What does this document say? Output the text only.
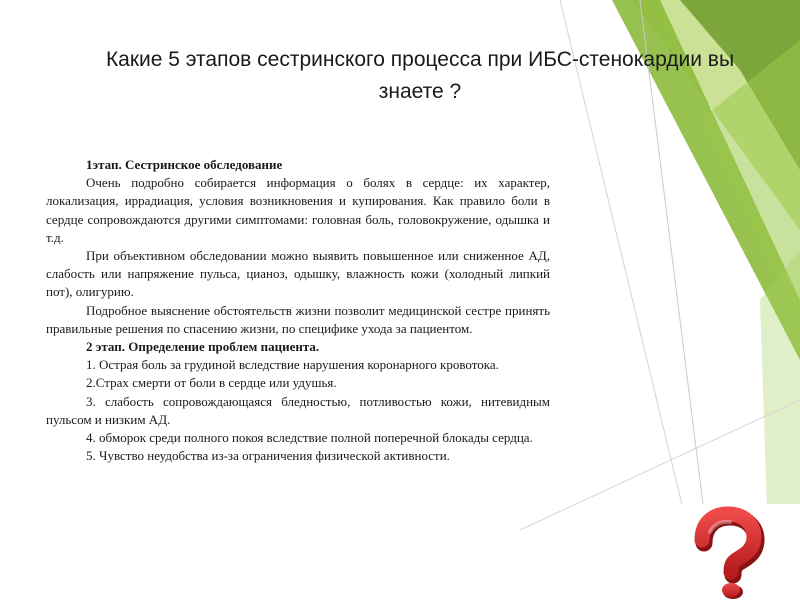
Какие 5 этапов сестринского процесса при ИБС-стенокардии вы
знаете ?

1этап. Сестринское обследование

Очень подробно собирается информация о болях в сердце: их характер, локализация, иррадиация, условия возникновения и купирования. Как правило боли в сердце сопровождаются другими симптомами: головная боль, головокружение, одышка и т.д.

При объективном обследовании можно выявить повышенное или сниженное АД, слабость или напряжение пульса, цианоз, одышку, влажность кожи (холодный липкий пот), олигурию.

Подробное выяснение обстоятельств жизни позволит медицинской сестре принять правильные решения по спасению жизни, по специфике ухода за пациентом.

2 этап. Определение проблем пациента.

1. Острая боль за грудиной вследствие нарушения коронарного кровотока.

2.Страх смерти от боли в сердце или удушья.

3. слабость сопровождающаяся бледностью, потливостью кожи, нитевидным пульсом и низким АД.

4. обморок среди полного покоя вследствие полной поперечной блокады сердца.

5. Чувство неудобства из-за ограничения физической активности.
